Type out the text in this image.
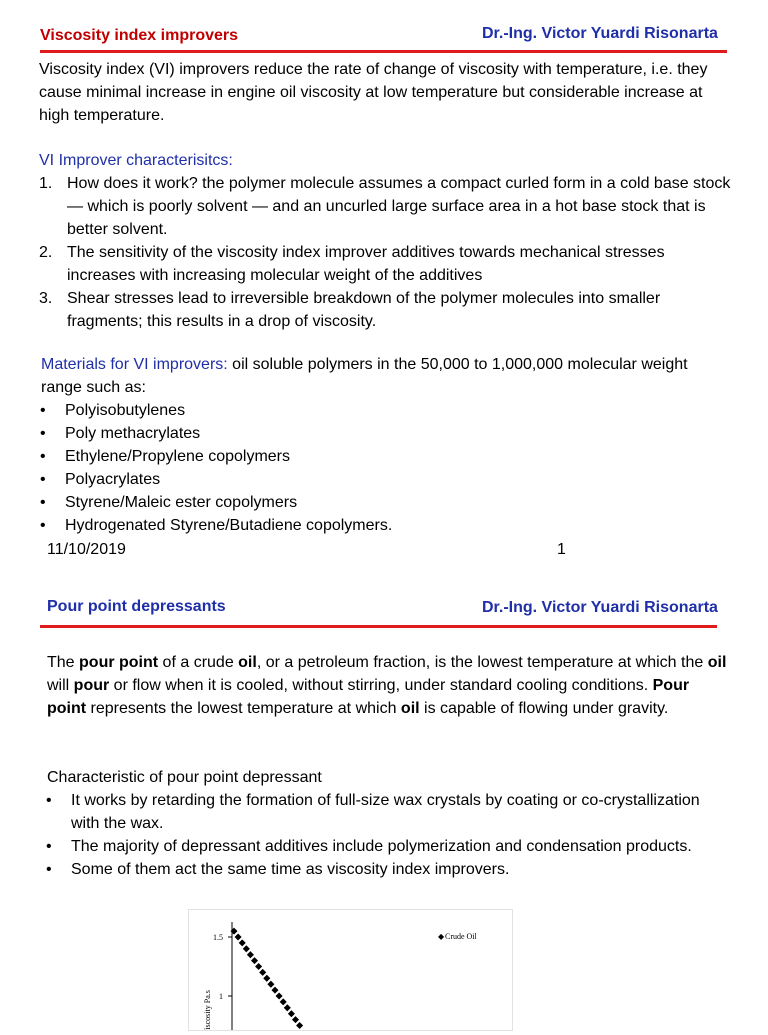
Viscosity index improvers	Dr.-Ing. Victor Yuardi Risonarta
Viscosity index (VI) improvers reduce the rate of change of viscosity with temperature, i.e. they cause minimal increase in engine oil viscosity at low temperature but considerable increase at high temperature.
VI Improver characterisitcs:
1. How does it work? the polymer molecule assumes a compact curled form in a cold base stock — which is poorly solvent — and an uncurled large surface area in a hot base stock that is better solvent.
2. The sensitivity of the viscosity index improver additives towards mechanical stresses increases with increasing molecular weight of the additives
3. Shear stresses lead to irreversible breakdown of the polymer molecules into smaller fragments; this results in a drop of viscosity.
Materials for VI improvers: oil soluble polymers in the 50,000 to 1,000,000 molecular weight range such as:
• Polyisobutylenes
• Poly methacrylates
• Ethylene/Propylene copolymers
• Polyacrylates
• Styrene/Maleic ester copolymers
• Hydrogenated Styrene/Butadiene copolymers.
11/10/2019	1
Pour point depressants	Dr.-Ing. Victor Yuardi Risonarta
The pour point of a crude oil, or a petroleum fraction, is the lowest temperature at which the oil will pour or flow when it is cooled, without stirring, under standard cooling conditions. Pour point represents the lowest temperature at which oil is capable of flowing under gravity.
Characteristic of pour point depressant
• It works by retarding the formation of full-size wax crystals by coating or co-crystallization with the wax.
• The majority of depressant additives include polymerization and condensation products.
• Some of them act the same time as viscosity index improvers.
1.5
1
Viscosity Pa.s
◆ Crude Oil
